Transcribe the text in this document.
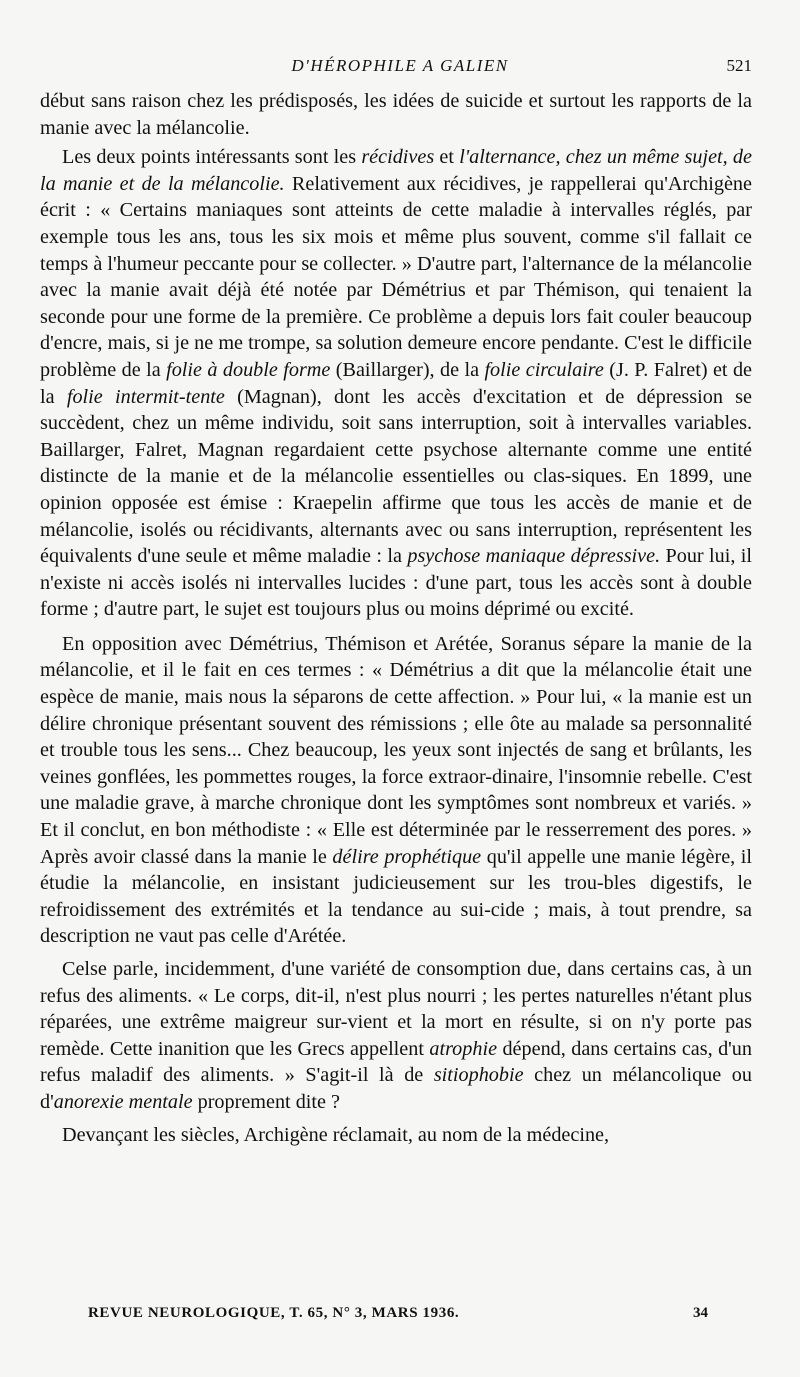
D'HÉROPHILE A GALIEN	521

début sans raison chez les prédisposés, les idées de suicide et surtout les rapports de la manie avec la mélancolie.

Les deux points intéressants sont les récidives et l'alternance, chez un même sujet, de la manie et de la mélancolie. Relativement aux récidives, je rappellerai qu'Archigène écrit : « Certains maniaques sont atteints de cette maladie à intervalles réglés, par exemple tous les ans, tous les six mois et même plus souvent, comme s'il fallait ce temps à l'humeur peccante pour se collecter. » D'autre part, l'alternance de la mélancolie avec la manie avait déjà été notée par Démétrius et par Thémison, qui tenaient la seconde pour une forme de la première. Ce problème a depuis lors fait couler beaucoup d'encre, mais, si je ne me trompe, sa solution demeure encore pendante. C'est le difficile problème de la folie à double forme (Baillarger), de la folie circulaire (J. P. Falret) et de la folie intermit-tente (Magnan), dont les accès d'excitation et de dépression se succèdent, chez un même individu, soit sans interruption, soit à intervalles variables. Baillarger, Falret, Magnan regardaient cette psychose alternante comme une entité distincte de la manie et de la mélancolie essentielles ou clas-siques. En 1899, une opinion opposée est émise : Kraepelin affirme que tous les accès de manie et de mélancolie, isolés ou récidivants, alternants avec ou sans interruption, représentent les équivalents d'une seule et même maladie : la psychose maniaque dépressive. Pour lui, il n'existe ni accès isolés ni intervalles lucides : d'une part, tous les accès sont à double forme ; d'autre part, le sujet est toujours plus ou moins déprimé ou excité.

En opposition avec Démétrius, Thémison et Arétée, Soranus sépare la manie de la mélancolie, et il le fait en ces termes : « Démétrius a dit que la mélancolie était une espèce de manie, mais nous la séparons de cette affection. » Pour lui, « la manie est un délire chronique présentant souvent des rémissions ; elle ôte au malade sa personnalité et trouble tous les sens... Chez beaucoup, les yeux sont injectés de sang et brûlants, les veines gonflées, les pommettes rouges, la force extraor-dinaire, l'insomnie rebelle. C'est une maladie grave, à marche chronique dont les symptômes sont nombreux et variés. » Et il conclut, en bon méthodiste : « Elle est déterminée par le resserrement des pores. » Après avoir classé dans la manie le délire prophétique qu'il appelle une manie légère, il étudie la mélancolie, en insistant judicieusement sur les trou-bles digestifs, le refroidissement des extrémités et la tendance au sui-cide ; mais, à tout prendre, sa description ne vaut pas celle d'Arétée.

Celse parle, incidemment, d'une variété de consomption due, dans certains cas, à un refus des aliments. « Le corps, dit-il, n'est plus nourri ; les pertes naturelles n'étant plus réparées, une extrême maigreur sur-vient et la mort en résulte, si on n'y porte pas remède. Cette inanition que les Grecs appellent atrophie dépend, dans certains cas, d'un refus maladif des aliments. » S'agit-il là de sitiophobie chez un mélancolique ou d'anorexie mentale proprement dite ?

Devançant les siècles, Archigène réclamait, au nom de la médecine,

REVUE NEUROLOGIQUE, T. 65, N° 3, MARS 1936.	34
